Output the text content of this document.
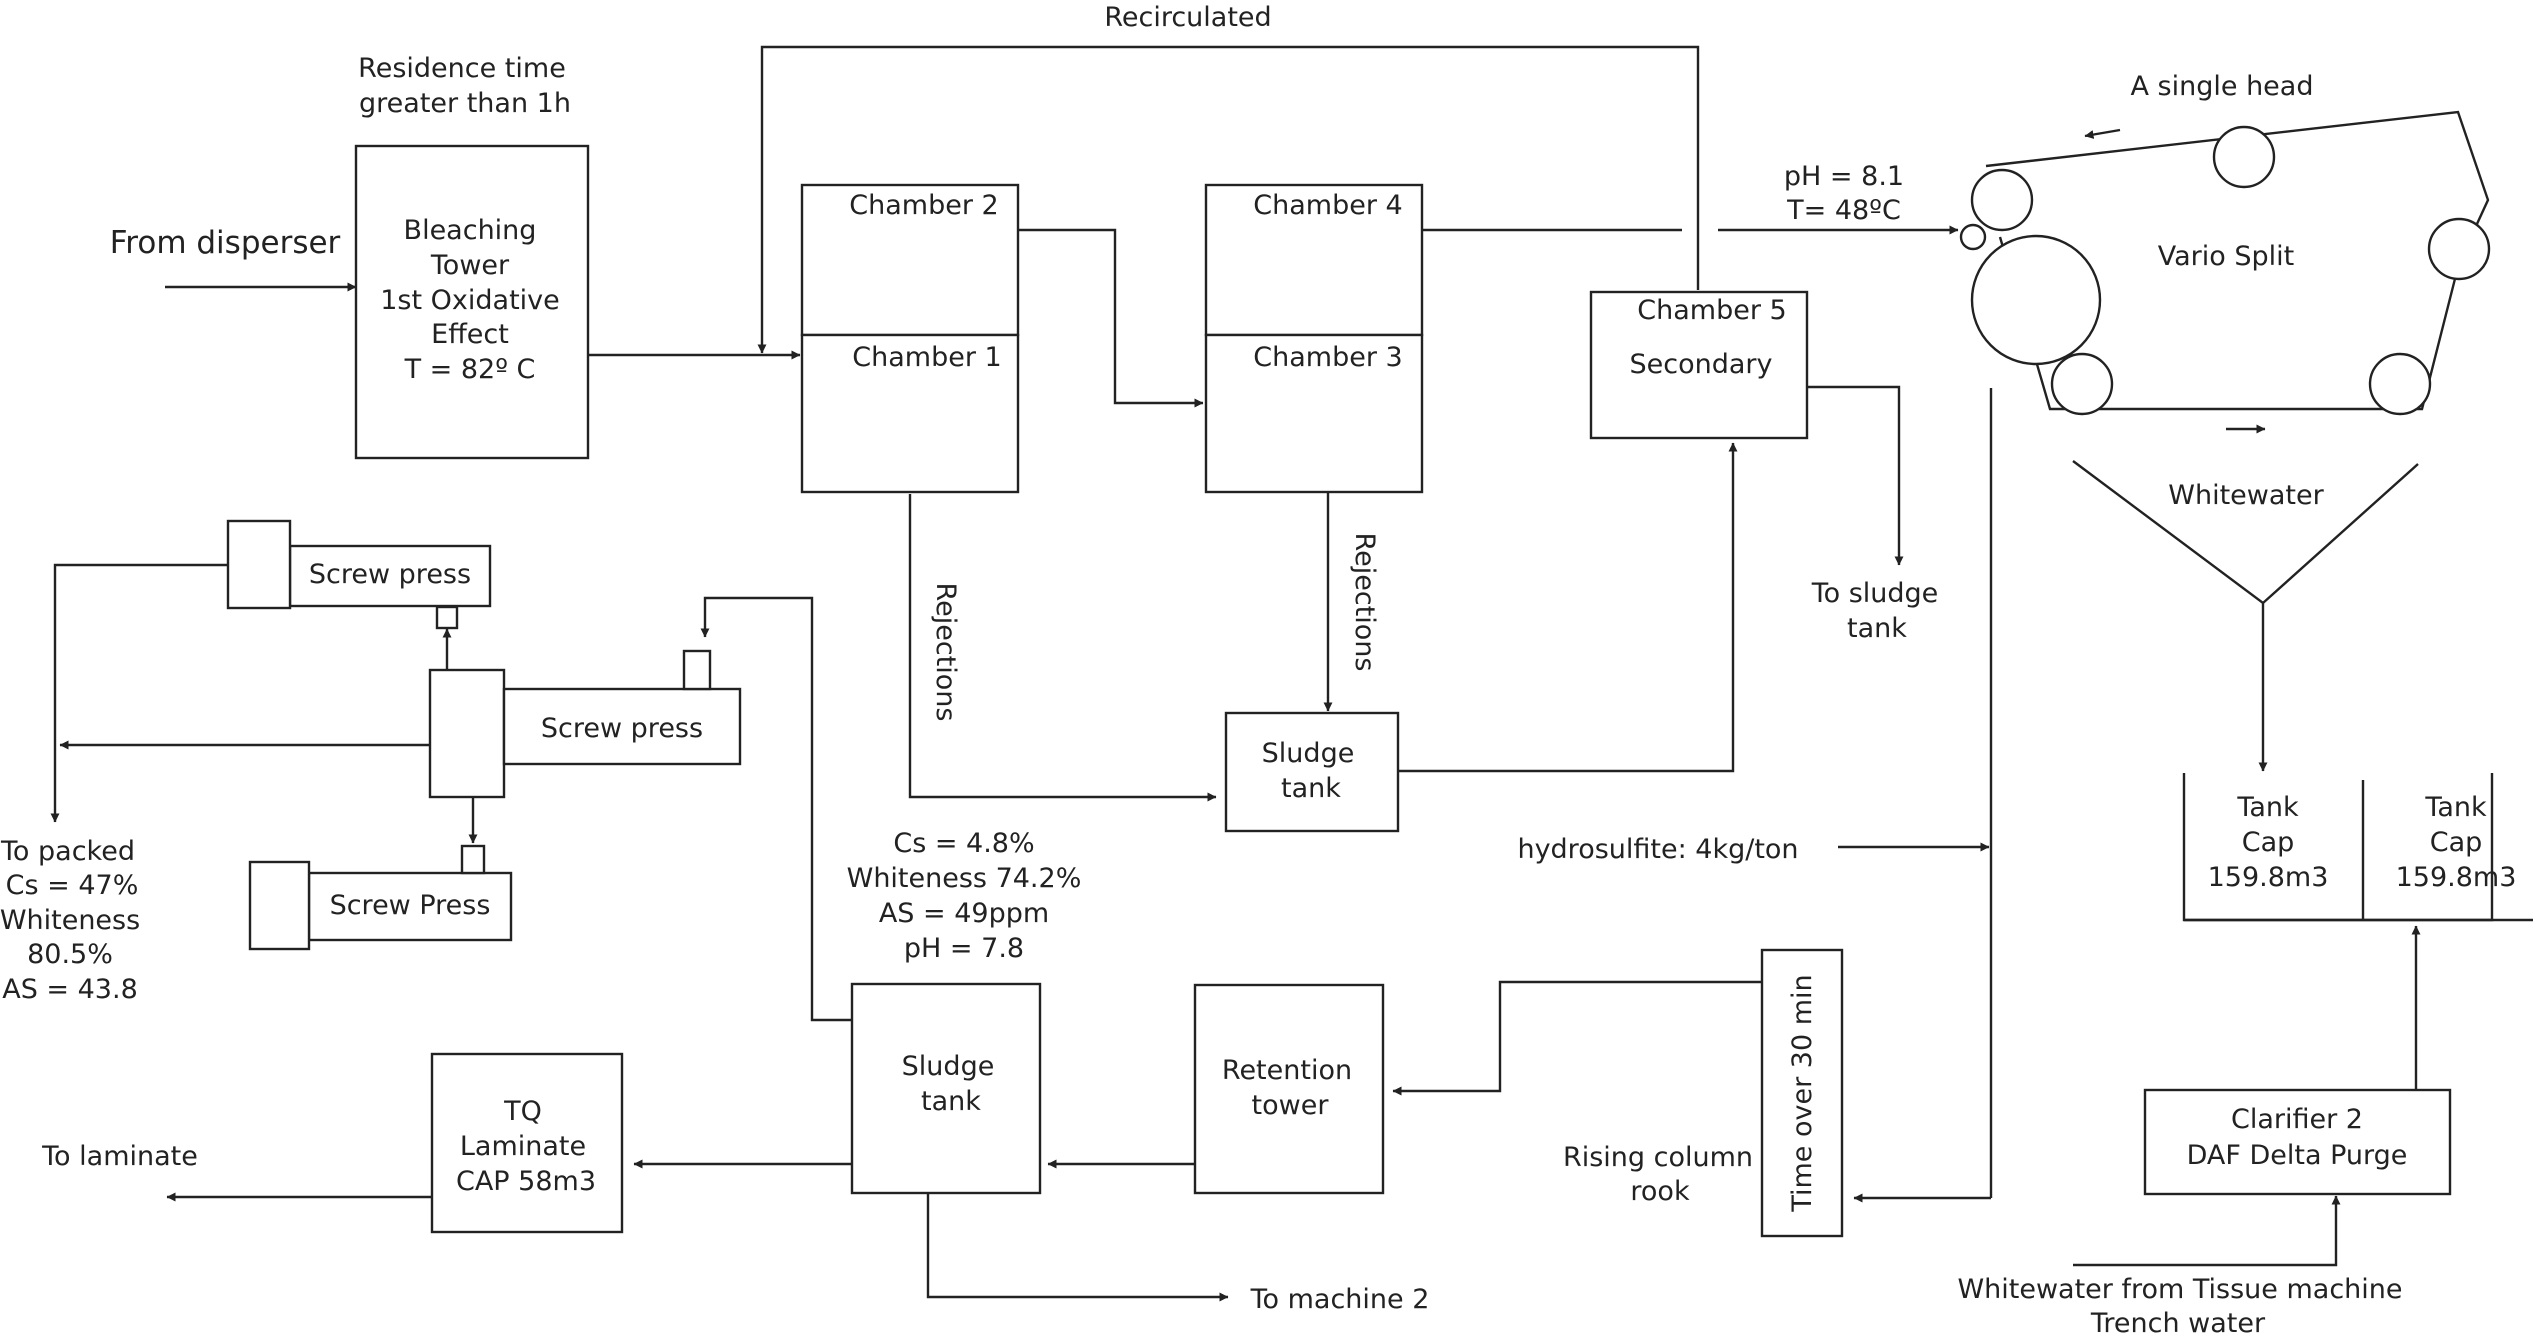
Recirculated
Residence time
greater than 1h
From disperser Bleaching
Tower
1st Oxidative
Effect
T = 82º C
Chamber 2
Chamber 1
Chamber 4
Chamber 3
Chamber 5
Secondary
A single head
pH = 8.1
T= 48ºC
Vario Split
Whitewater
To sludge
tank
Rejections	Rejections
Sludge
tank
Screw press
Screw press
Screw Press
To packed
Cs = 47%
Whiteness
80.5%
AS = 43.8
Cs = 4.8%
Whiteness 74.2%
AS = 49ppm
pH = 7.8
hydrosulfite: 4kg/ton
Tank
Cap
159.8m3
Tank
Cap
159.8m3
Sludge
tank
Retention
tower
TQ
Laminate
CAP 58m3
To laminate
To machine 2
Rising column
rook	Time over 30 min	Clarifier 2
DAF Delta Purge
Whitewater from Tissue machine
Trench water
